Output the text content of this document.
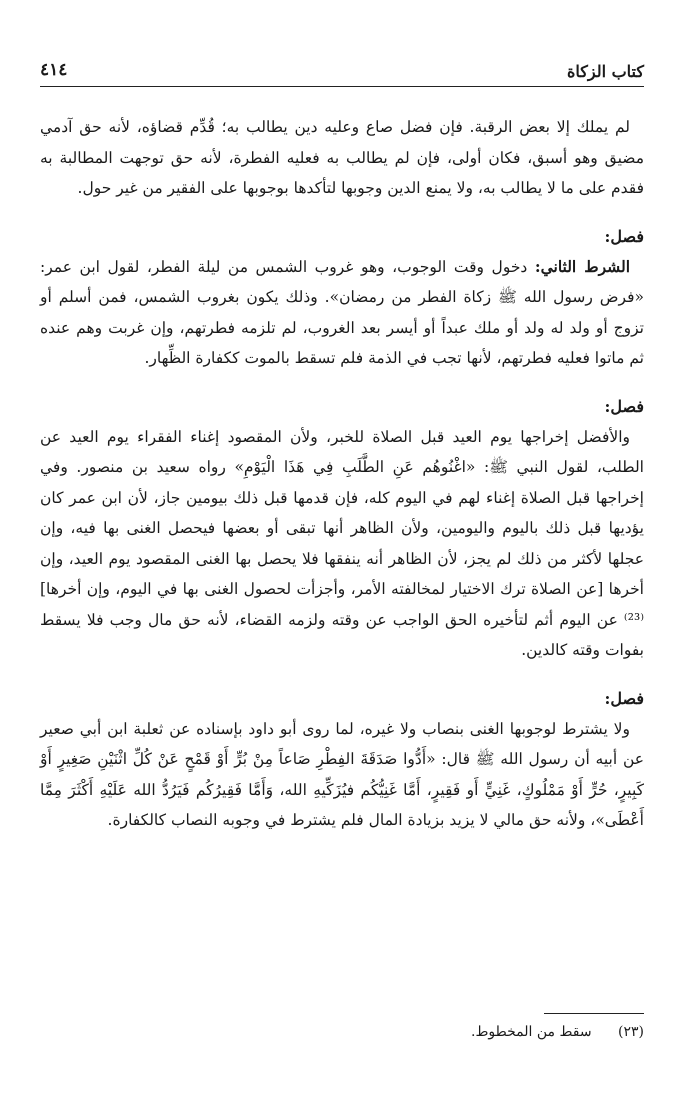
كتاب الزكاة
٤١٤

لم يملك إلا بعض الرقبة. فإن فضل صاع وعليه دين يطالب به؛ قُدِّم قضاؤه، لأنه حق آدمي مضيق وهو أسبق، فكان أولى، فإن لم يطالب به فعليه الفطرة، لأنه حق توجهت المطالبة به فقدم على ما لا يطالب به، ولا يمنع الدين وجوبها لتأكدها بوجوبها على الفقير من غير حول.

فصل:

الشرط الثاني: دخول وقت الوجوب، وهو غروب الشمس من ليلة الفطر، لقول ابن عمر: «فرض رسول الله ﷺ زكاة الفطر من رمضان». وذلك يكون بغروب الشمس، فمن أسلم أو تزوج أو ولد له ولد أو ملك عبداً أو أيسر بعد الغروب، لم تلزمه فطرتهم، وإن غربت وهم عنده ثم ماتوا فعليه فطرتهم، لأنها تجب في الذمة فلم تسقط بالموت ككفارة الظِّهار.

فصل:

والأفضل إخراجها يوم العيد قبل الصلاة للخبر، ولأن المقصود إغناء الفقراء يوم العيد عن الطلب، لقول النبي ﷺ: «اغْنُوهُم عَنِ الطَّلَبِ فِي هَذَا الْيَوْمِ» رواه سعيد بن منصور. وفي إخراجها قبل الصلاة إغناء لهم في اليوم كله، فإن قدمها قبل ذلك بيومين جاز، لأن ابن عمر كان يؤديها قبل ذلك باليوم واليومين، ولأن الظاهر أنها تبقى أو بعضها فيحصل الغنى بها فيه، وإن عجلها لأكثر من ذلك لم يجز، لأن الظاهر أنه ينفقها فلا يحصل بها الغنى المقصود يوم العيد، وإن أخرها [عن الصلاة ترك الاختيار لمخالفته الأمر، وأجزأت لحصول الغنى بها في اليوم، وإن أخرها]⁽²³⁾ عن اليوم أثم لتأخيره الحق الواجب عن وقته ولزمه القضاء، لأنه حق مال وجب فلا يسقط بفوات وقته كالدين.

فصل:

ولا يشترط لوجوبها الغنى بنصاب ولا غيره، لما روى أبو داود بإسناده عن ثعلبة ابن أبي صعير عن أبيه أن رسول الله ﷺ قال: «أَدُّوا صَدَقَةَ الفِطْرِ صَاعاً مِنْ بُرٍّ أَوْ قَمْحٍ عَنْ كُلِّ اثْنَيْنِ صَغِيرٍ أَوْ كَبِيرٍ، حُرٍّ أَوْ مَمْلُوكٍ، غَنِيٍّ أَو فَقِيرٍ، أَمَّا غَنِيُّكُم فيُزَكِّيهِ الله، وَأَمَّا فَقِيرُكُم فَيَرُدُّ الله عَلَيْهِ أَكْثَرَ مِمَّا أَعْطَى»، ولأنه حق مالي لا يزيد بزيادة المال فلم يشترط في وجوبه النصاب كالكفارة.

(٢٣) سقط من المخطوط.
